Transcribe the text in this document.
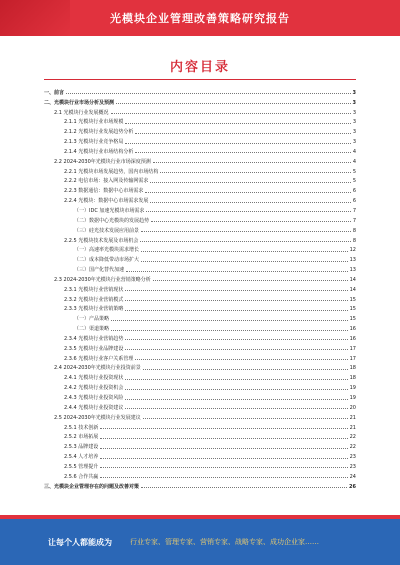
光模块企业管理改善策略研究报告
内容目录
一、前言	3
二、光模块行业市场分析及预测	3
2.1 光模块行业发展概况	3
2.1.1 光模块行业市场规模	3
2.1.2 光模块行业发展趋势分析	3
2.1.3 光模块行业竞争格局	3
2.1.4 光模块行业市场结构分析	4
2.2 2024-2030年光模块行业市场深度预测	4
2.2.1 光模块市场发展趋势，国内市场结构	5
2.2.2 电信市场：接入网及传输网需求	5
2.2.3 数据通信：数据中心市场需求	6
2.2.4 光模块：数据中心市场需求发展	6
（一）IDC 加速光模块市场需求	7
（二）数据中心光模块的发展趋势	7
（三）硅光技术发展应用前景	8
2.2.5 光模块技术发展及市场机会	8
（一）高速率光模块需求增长	12
（二）成本降低带动市场扩大	13
（三）国产化替代加速	13
2.3 2024-2030年光模块行业营销策略分析	14
2.3.1 光模块行业营销现状	14
2.3.2 光模块行业营销模式	15
2.3.3 光模块行业营销策略	15
（一）产品策略	15
（二）渠道策略	16
2.3.4 光模块行业营销趋势	16
2.3.5 光模块行业品牌建设	17
2.3.6 光模块行业客户关系管理	17
2.4 2024-2030年光模块行业投资前景	18
2.4.1 光模块行业投资现状	18
2.4.2 光模块行业投资机会	19
2.4.3 光模块行业投资风险	19
2.4.4 光模块行业投资建议	20
2.5 2024-2030年光模块行业发展建议	21
2.5.1 技术创新	21
2.5.2 市场拓展	22
2.5.3 品牌建设	22
2.5.4 人才培养	23
2.5.5 管理提升	23
2.5.6 合作共赢	24
三、光模块企业管理存在的问题及改善对策	26
让每个人都能成为	行业专家、管理专家、营销专家、战略专家、成功企业家……
